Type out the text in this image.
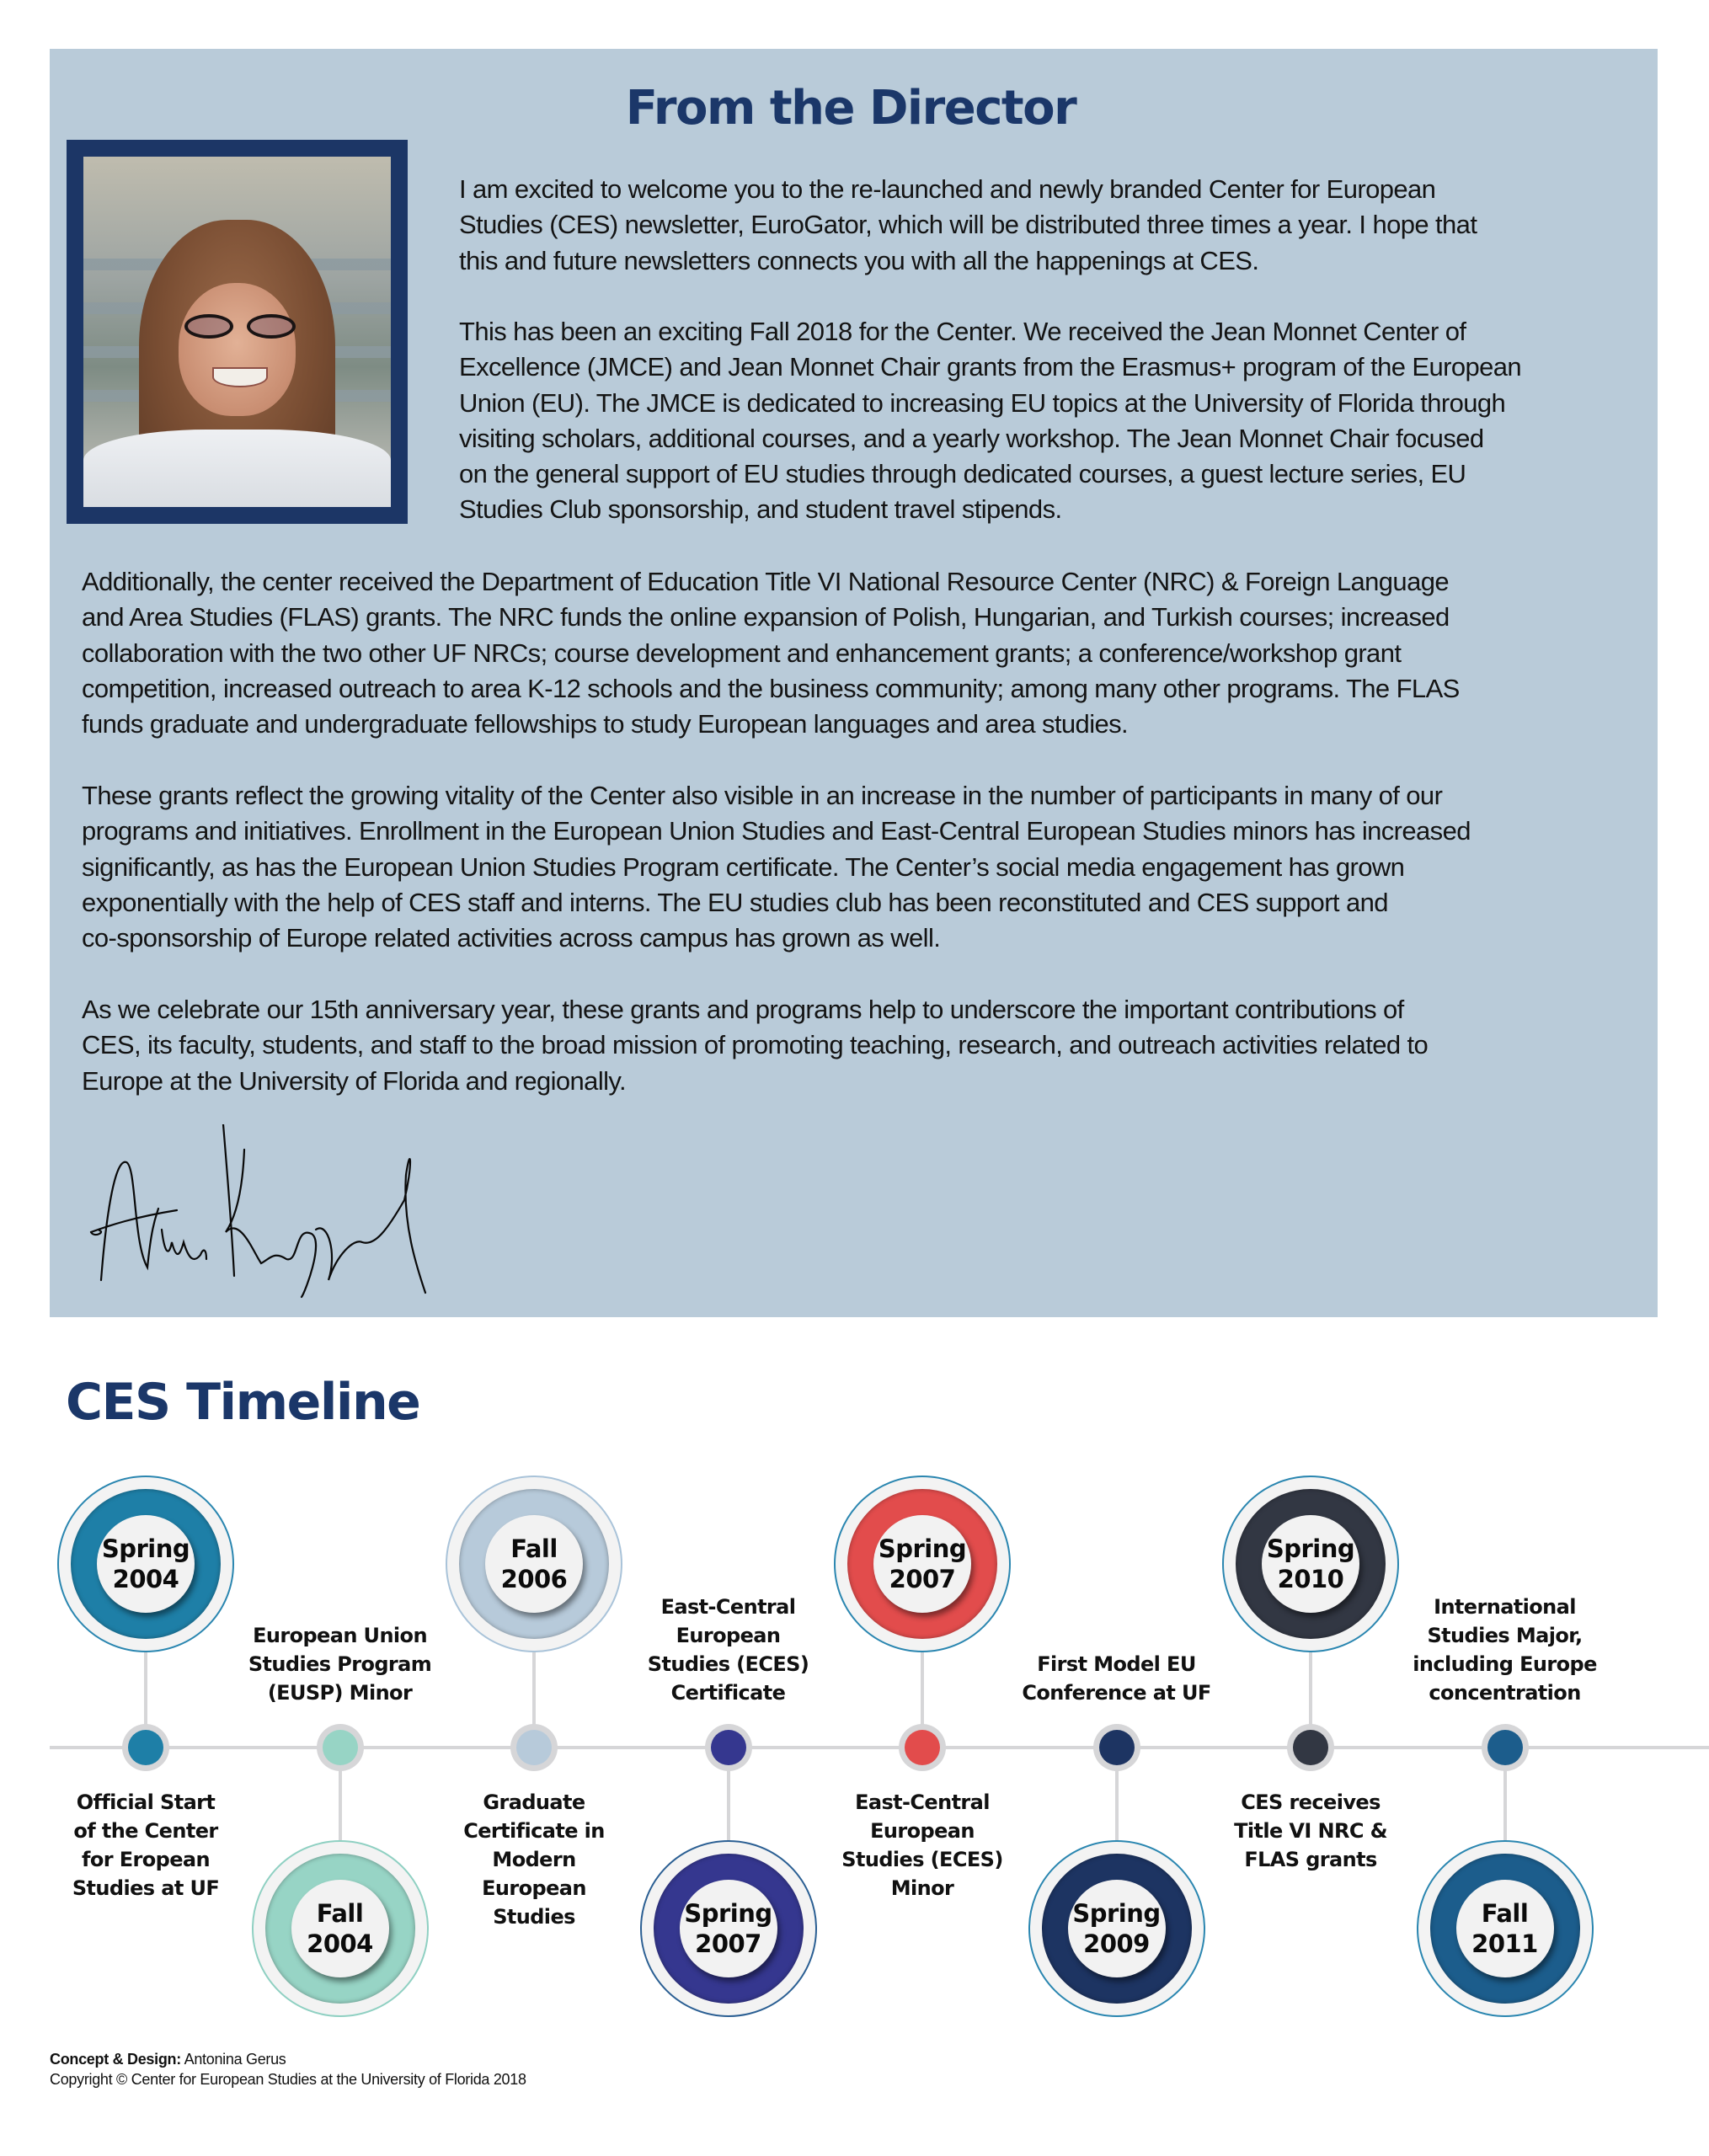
From the Director
I am excited to welcome you to the re-launched and newly branded Center for European
Studies (CES) newsletter, EuroGator, which will be distributed three times a year. I hope that
this and future newsletters connects you with all the happenings at CES.
This has been an exciting Fall 2018 for the Center. We received the Jean Monnet Center of
Excellence (JMCE) and Jean Monnet Chair grants from the Erasmus+ program of the European
Union (EU). The JMCE is dedicated to increasing EU topics at the University of Florida through
visiting scholars, additional courses, and a yearly workshop. The Jean Monnet Chair focused
on the general support of EU studies through dedicated courses, a guest lecture series, EU
Studies Club sponsorship, and student travel stipends.
Additionally, the center received the Department of Education Title VI National Resource Center (NRC) & Foreign Language
and Area Studies (FLAS) grants. The NRC funds the online expansion of Polish, Hungarian, and Turkish courses; increased
collaboration with the two other UF NRCs; course development and enhancement grants; a conference/workshop grant
competition, increased outreach to area K-12 schools and the business community; among many other programs. The FLAS
funds graduate and undergraduate fellowships to study European languages and area studies.
These grants reflect the growing vitality of the Center also visible in an increase in the number of participants in many of our
programs and initiatives. Enrollment in the European Union Studies and East-Central European Studies minors has increased
significantly, as has the European Union Studies Program certificate. The Center’s social media engagement has grown
exponentially with the help of CES staff and interns. The EU studies club has been reconstituted and CES support and
co-sponsorship of Europe related activities across campus has grown as well.
As we celebrate our 15th anniversary year, these grants and programs help to underscore the important contributions of
CES, its faculty, students, and staff to the broad mission of promoting teaching, research, and outreach activities related to
Europe at the University of Florida and regionally.
CES Timeline
Spring
2004
Official Start
of the Center
for Eropean
Studies at UF
Fall
2004
European Union
Studies Program
(EUSP) Minor
Fall
2006
Graduate
Certificate in
Modern
European
Studies	Spring
2007
East-Central
European
Studies (ECES)
Certificate
Spring
2007
East-Central
European
Studies (ECES)
Minor
Spring
2009
First Model EU
Conference at UF
Spring
2010
CES receives
Title VI NRC &
FLAS grants
Fall
2011
International
Studies Major,
including Europe
concentration
Concept & Design: Antonina Gerus
Copyright © Center for European Studies at the University of Florida 2018
